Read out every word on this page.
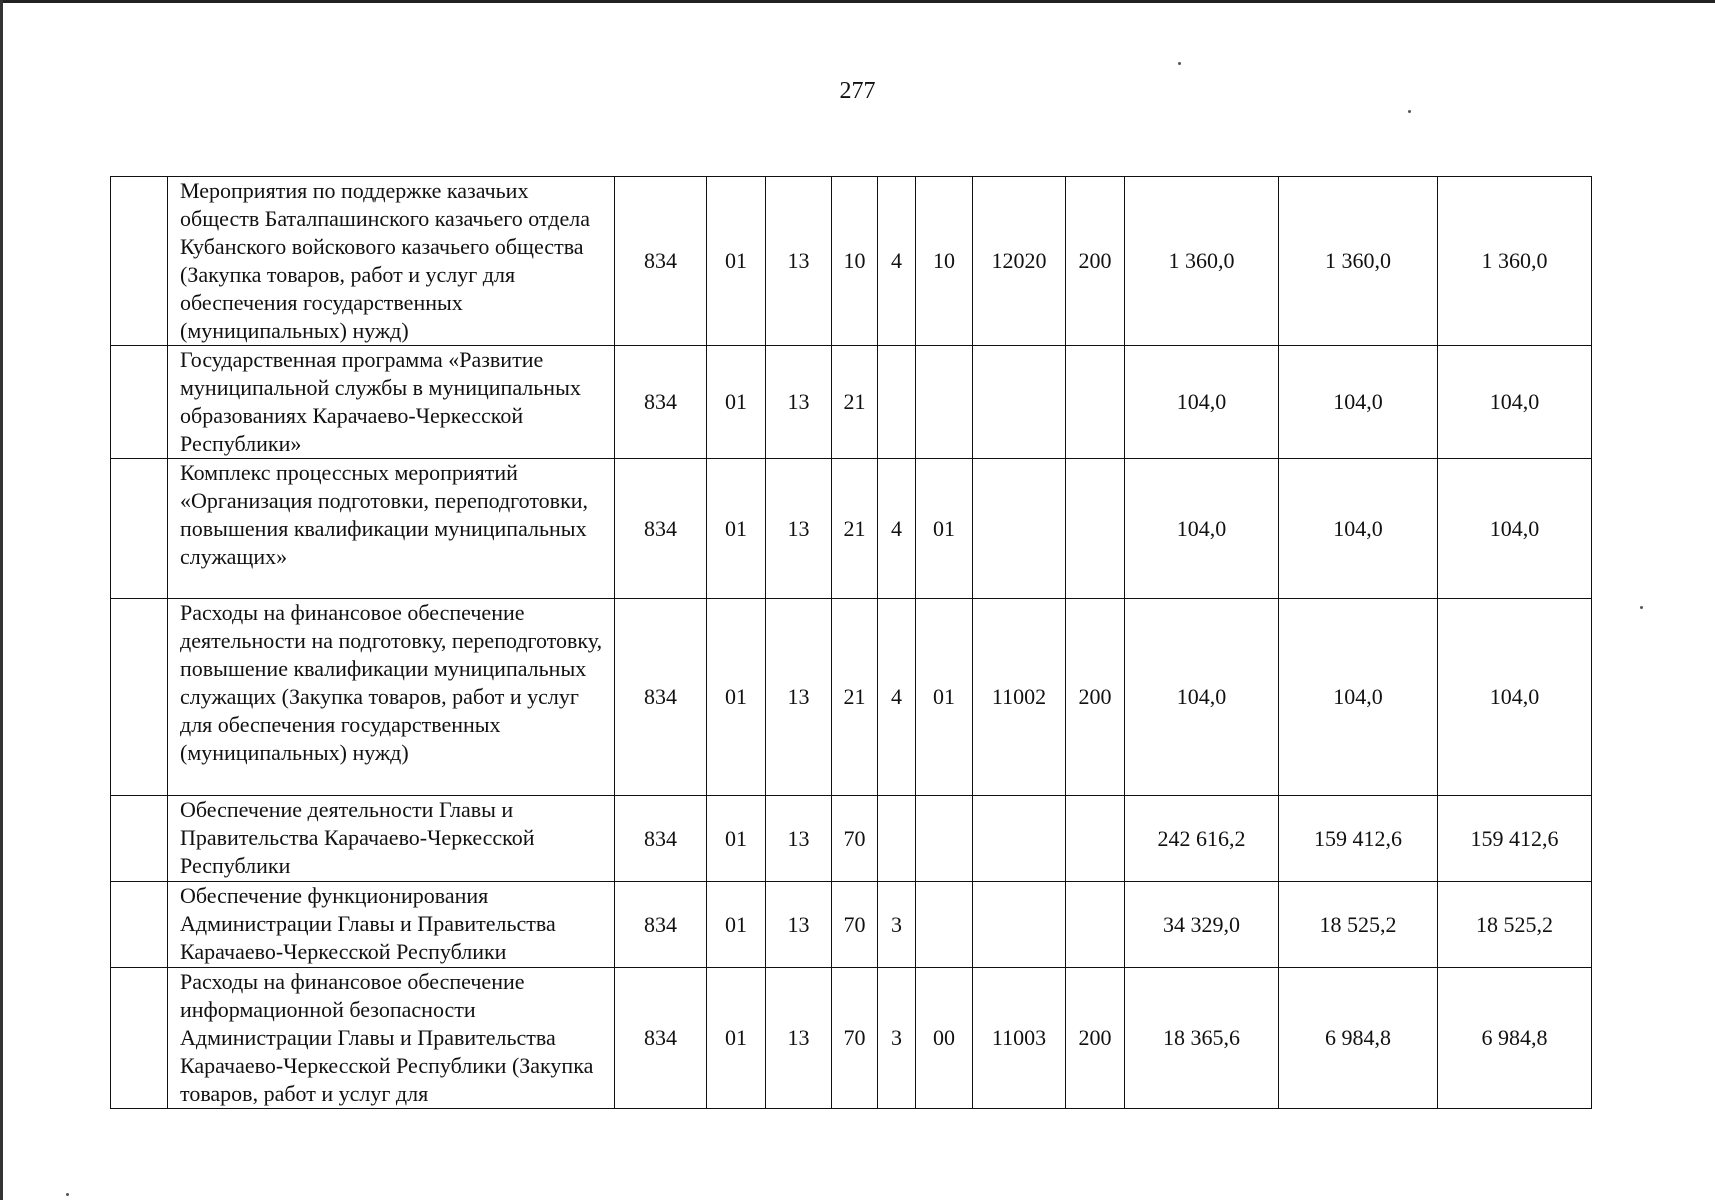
277
	Мероприятия по поддержке казачьих обществ Баталпашинского казачьего отдела Кубанского войскового казачьего общества (Закупка товаров, работ и услуг для обеспечения государственных (муниципальных) нужд)	834	01	13	10	4	10	12020	200	1 360,0	1 360,0	1 360,0
	Государственная программа «Развитие муниципальной службы в муниципальных образованиях Карачаево-Черкесской Республики»	834	01	13	21					104,0	104,0	104,0
	Комплекс процессных мероприятий «Организация подготовки, переподготовки, повышения квалификации муниципальных служащих»	834	01	13	21	4	01			104,0	104,0	104,0
	Расходы на финансовое обеспечение деятельности на подготовку, переподготовку, повышение квалификации муниципальных служащих (Закупка товаров, работ и услуг для обеспечения государственных (муниципальных) нужд)	834	01	13	21	4	01	11002	200	104,0	104,0	104,0
	Обеспечение деятельности Главы и Правительства Карачаево-Черкесской Республики	834	01	13	70					242 616,2	159 412,6	159 412,6
	Обеспечение функционирования Администрации Главы и Правительства Карачаево-Черкесской Республики	834	01	13	70	3				34 329,0	18 525,2	18 525,2
	Расходы на финансовое обеспечение информационной безопасности Администрации Главы и Правительства Карачаево-Черкесской Республики (Закупка товаров, работ и услуг для	834	01	13	70	3	00	11003	200	18 365,6	6 984,8	6 984,8
